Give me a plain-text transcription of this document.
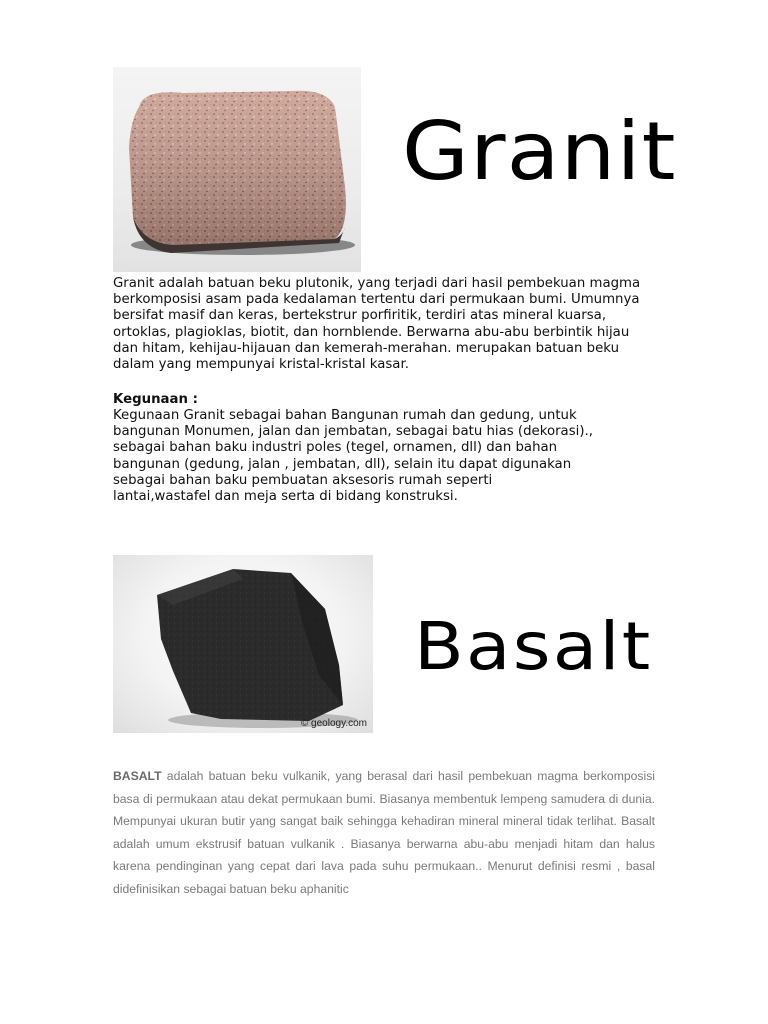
Granit
Granit adalah batuan beku plutonik, yang terjadi dari hasil pembekuan magma berkomposisi asam pada kedalaman tertentu dari permukaan bumi. Umumnya bersifat masif dan keras, bertekstrur porfiritik, terdiri atas mineral kuarsa, ortoklas, plagioklas, biotit, dan hornblende. Berwarna abu-abu berbintik hijau dan hitam, kehijau-hijauan dan kemerah-merahan. merupakan batuan beku dalam yang mempunyai kristal-kristal kasar.
Kegunaan :
Kegunaan Granit sebagai bahan Bangunan rumah dan gedung, untuk bangunan Monumen, jalan dan jembatan, sebagai batu hias (dekorasi)., sebagai bahan baku industri poles (tegel, ornamen, dll) dan bahan bangunan (gedung, jalan , jembatan, dll), selain itu dapat digunakan sebagai bahan baku pembuatan aksesoris rumah seperti lantai,wastafel dan meja serta di bidang konstruksi.
© geology.com
Basalt
BASALT adalah batuan beku vulkanik, yang berasal dari hasil pembekuan magma berkomposisi basa di permukaan atau dekat permukaan bumi. Biasanya membentuk lempeng samudera di dunia. Mempunyai ukuran butir yang sangat baik sehingga kehadiran mineral mineral tidak terlihat. Basalt adalah umum ekstrusif batuan vulkanik . Biasanya berwarna abu-abu menjadi hitam dan halus karena pendinginan yang cepat dari lava pada suhu permukaan.. Menurut definisi resmi , basal didefinisikan sebagai batuan beku aphanitic
